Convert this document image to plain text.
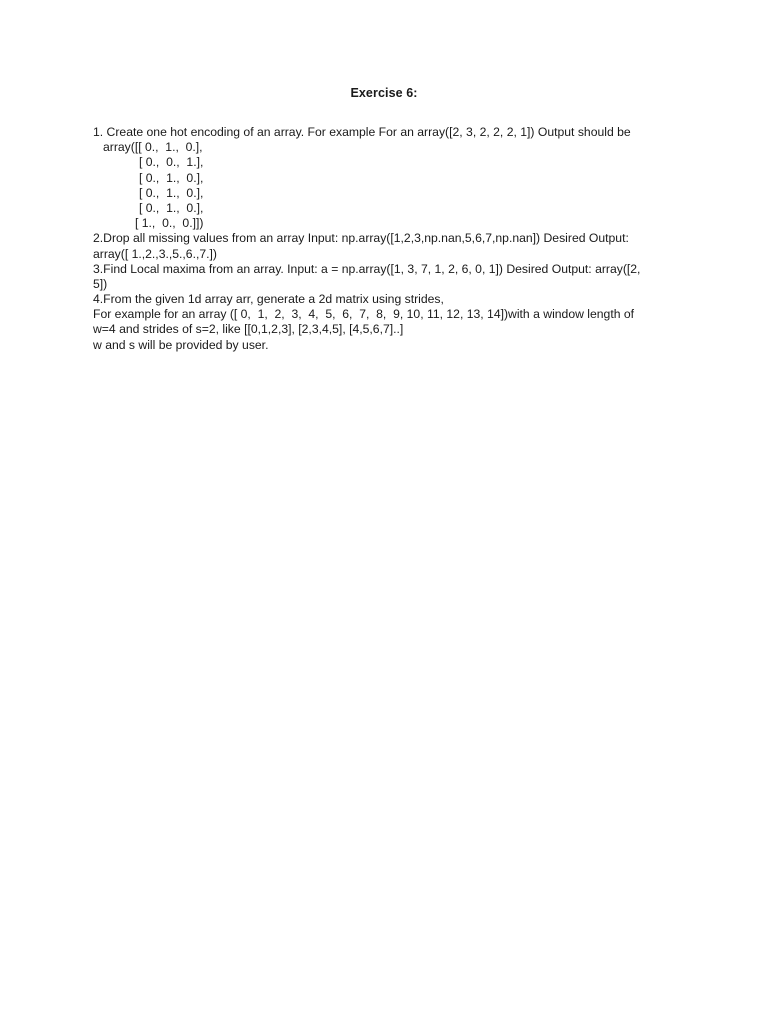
Exercise 6:
1. Create one hot encoding of an array. For example For an array([2, 3, 2, 2, 2, 1]) Output should be
array([[ 0.,  1.,  0.],
[ 0.,  0.,  1.],
[ 0.,  1.,  0.],
[ 0.,  1.,  0.],
[ 0.,  1.,  0.],
[ 1.,  0.,  0.]])
2.Drop all missing values from an array Input: np.array([1,2,3,np.nan,5,6,7,np.nan]) Desired Output:
array([ 1.,2.,3.,5.,6.,7.])
3.Find Local maxima from an array. Input: a = np.array([1, 3, 7, 1, 2, 6, 0, 1]) Desired Output: array([2,
5])
4.From the given 1d array arr, generate a 2d matrix using strides,
For example for an array ([ 0,  1,  2,  3,  4,  5,  6,  7,  8,  9, 10, 11, 12, 13, 14])with a window length of
w=4 and strides of s=2, like [[0,1,2,3], [2,3,4,5], [4,5,6,7]..]
w and s will be provided by user.
